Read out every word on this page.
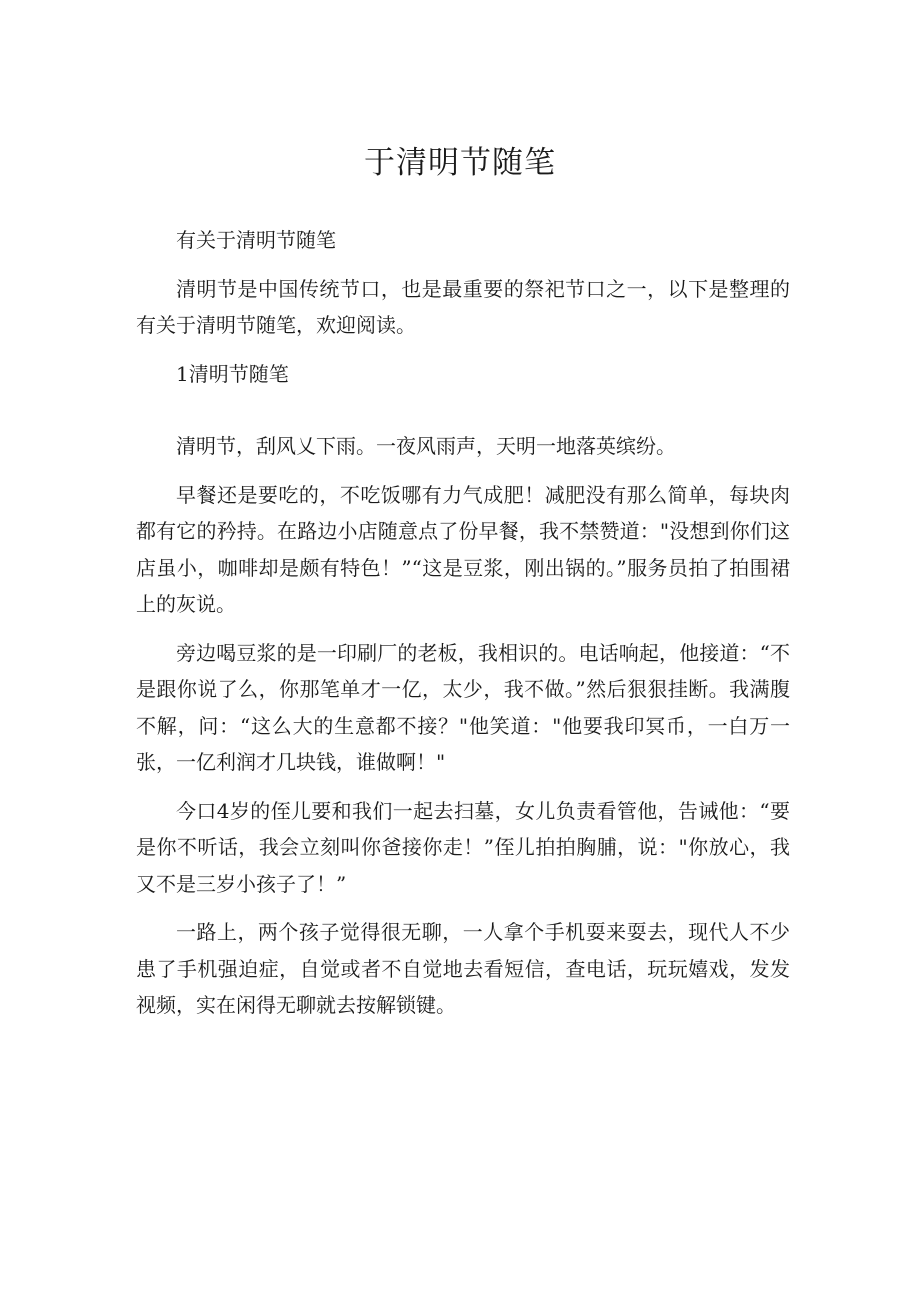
于清明节随笔

有关于清明节随笔

清明节是中国传统节口，也是最重要的祭祀节口之一，以下是整理的有关于清明节随笔，欢迎阅读。

1清明节随笔

清明节，刮风乂下雨。一夜风雨声，天明一地落英缤纷。

早餐还是要吃的，不吃饭哪有力气成肥！减肥没有那么简单，每块肉都有它的矜持。在路边小店随意点了份早餐，我不禁赞道："没想到你们这店虽小，咖啡却是颇有特色！”“这是豆浆，刚出锅的。”服务员拍了拍围裙上的灰说。

旁边喝豆浆的是一印刷厂的老板，我相识的。电话响起，他接道：“不是跟你说了么，你那笔单才一亿，太少，我不做。”然后狠狠挂断。我满腹不解，问：“这么大的生意都不接？"他笑道："他要我印冥币，一白万一张，一亿利润才几块钱，谁做啊！"

今口4岁的侄儿要和我们一起去扫墓，女儿负责看管他，告诫他：“要是你不听话，我会立刻叫你爸接你走！”侄儿拍拍胸脯，说："你放心，我又不是三岁小孩子了！”

一路上，两个孩子觉得很无聊，一人拿个手机耍来耍去，现代人不少患了手机强迫症，自觉或者不自觉地去看短信，查电话，玩玩嬉戏，发发视频，实在闲得无聊就去按解锁键。
